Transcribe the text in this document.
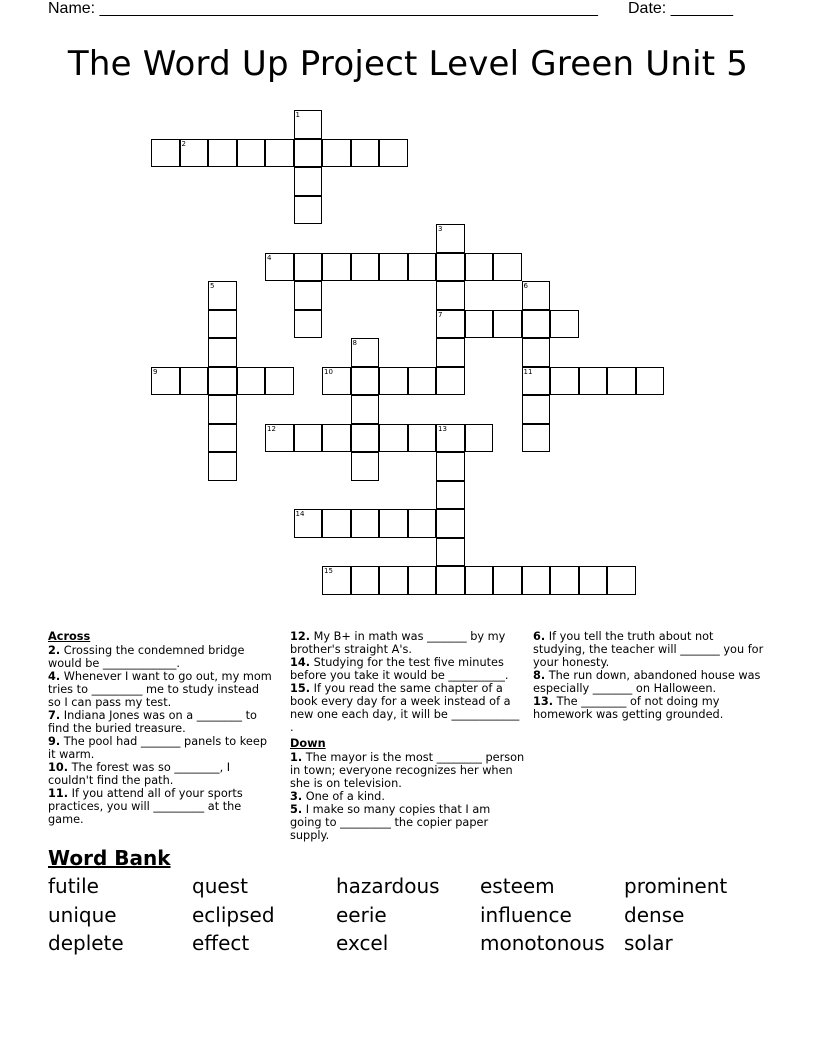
Name: ________________________________________________________ Date: _______
The Word Up Project Level Green Unit 5
1
2
3
4
5	6
7
8
9	10	11
12	13
14
15
Across
2. Crossing the condemned bridge would be _____________.
4. Whenever I want to go out, my mom tries to _________ me to study instead so I can pass my test.
7. Indiana Jones was on a ________ to find the buried treasure.
9. The pool had _______ panels to keep it warm.
10. The forest was so ________, I couldn't find the path.
11. If you attend all of your sports practices, you will _________ at the game.
12. My B+ in math was _______ by my brother's straight A's.
14. Studying for the test five minutes before you take it would be __________.
15. If you read the same chapter of a book every day for a week instead of a new one each day, it will be ____________ .
Down
1. The mayor is the most ________ person in town; everyone recognizes her when she is on television.
3. One of a kind.
5. I make so many copies that I am going to _________ the copier paper supply.
6. If you tell the truth about not studying, the teacher will _______ you for your honesty.
8. The run down, abandoned house was especially _______ on Halloween.
13. The ________ of not doing my homework was getting grounded.
Word Bank
futile	quest	hazardous esteem	prominent
unique	eclipsed	eerie	influence	dense
deplete	effect	excel	monotonous solar
